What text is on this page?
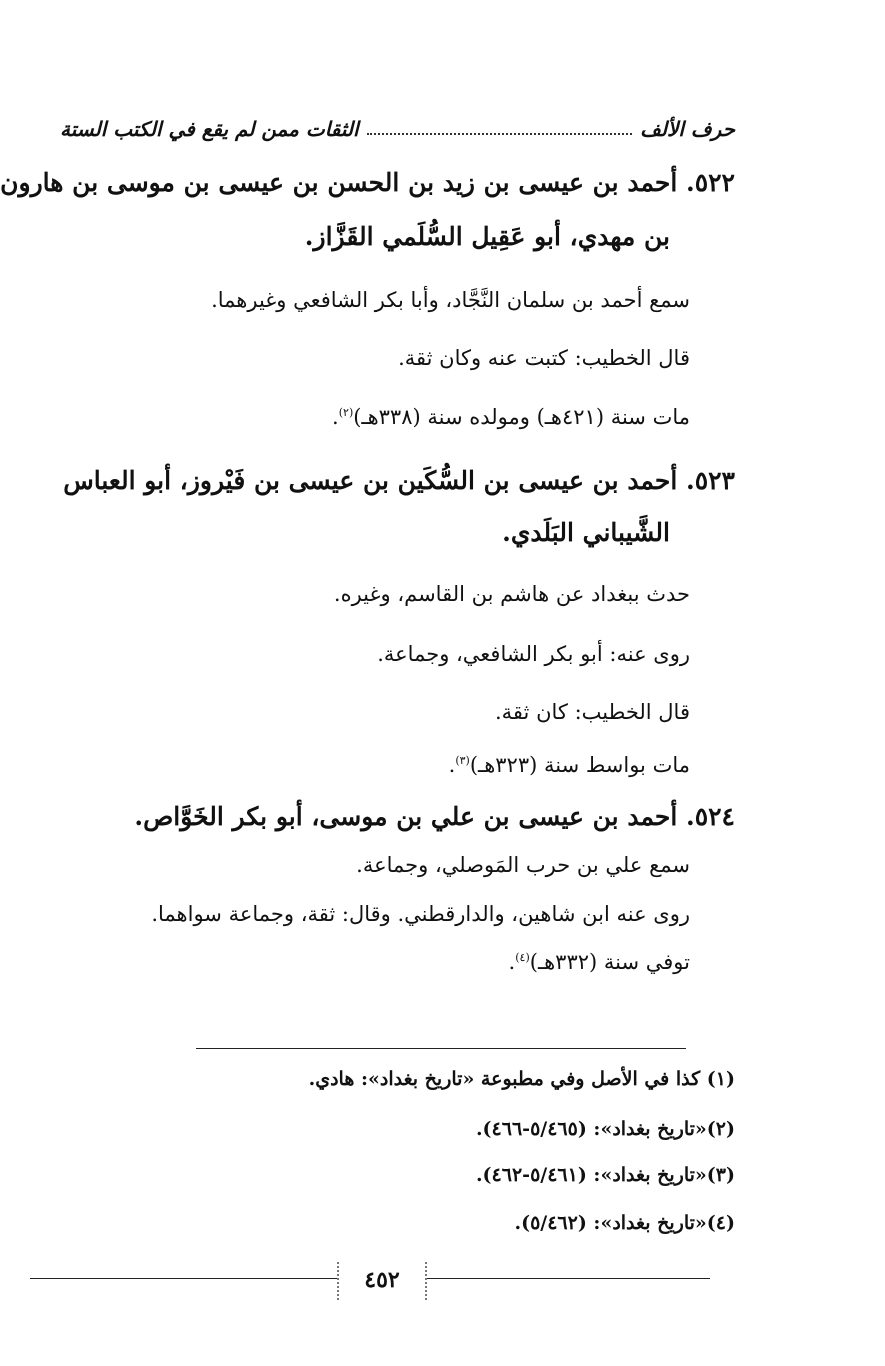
حرف الألف
الثقات ممن لم يقع في الكتب الستة
٥٢٢. أحمد بن عيسى بن زيد بن الحسن بن عيسى بن موسى بن هارون
بن مهدي، أبو عَقِيل السُّلَمي القَزَّاز.
سمع أحمد بن سلمان النَّجَّاد، وأبا بكر الشافعي وغيرهما.
قال الخطيب: كتبت عنه وكان ثقة.
مات سنة (٤٢١هـ) ومولده سنة (٣٣٨هـ)$^{(٢)}$.
٥٢٣. أحمد بن عيسى بن السُّكَين بن عيسى بن فَيْروز، أبو العباس
الشَّيباني البَلَدي.
حدث ببغداد عن هاشم بن القاسم، وغيره.
روى عنه: أبو بكر الشافعي، وجماعة.
قال الخطيب: كان ثقة.
مات بواسط سنة (٣٢٣هـ)$^{(٣)}$.
٥٢٤. أحمد بن عيسى بن علي بن موسى، أبو بكر الخَوَّاص.
سمع علي بن حرب المَوصلي، وجماعة.
روى عنه ابن شاهين، والدارقطني. وقال: ثقة، وجماعة سواهما.
توفي سنة (٣٣٢هـ)$^{(٤)}$.
(١) كذا في الأصل وفي مطبوعة «تاريخ بغداد»: هادي.
(٢)«تاريخ بغداد»: (٥/٤٦٥-٤٦٦).
(٣)«تاريخ بغداد»: (٥/٤٦١-٤٦٢).
(٤)«تاريخ بغداد»: (٥/٤٦٢).
٤٥٢
